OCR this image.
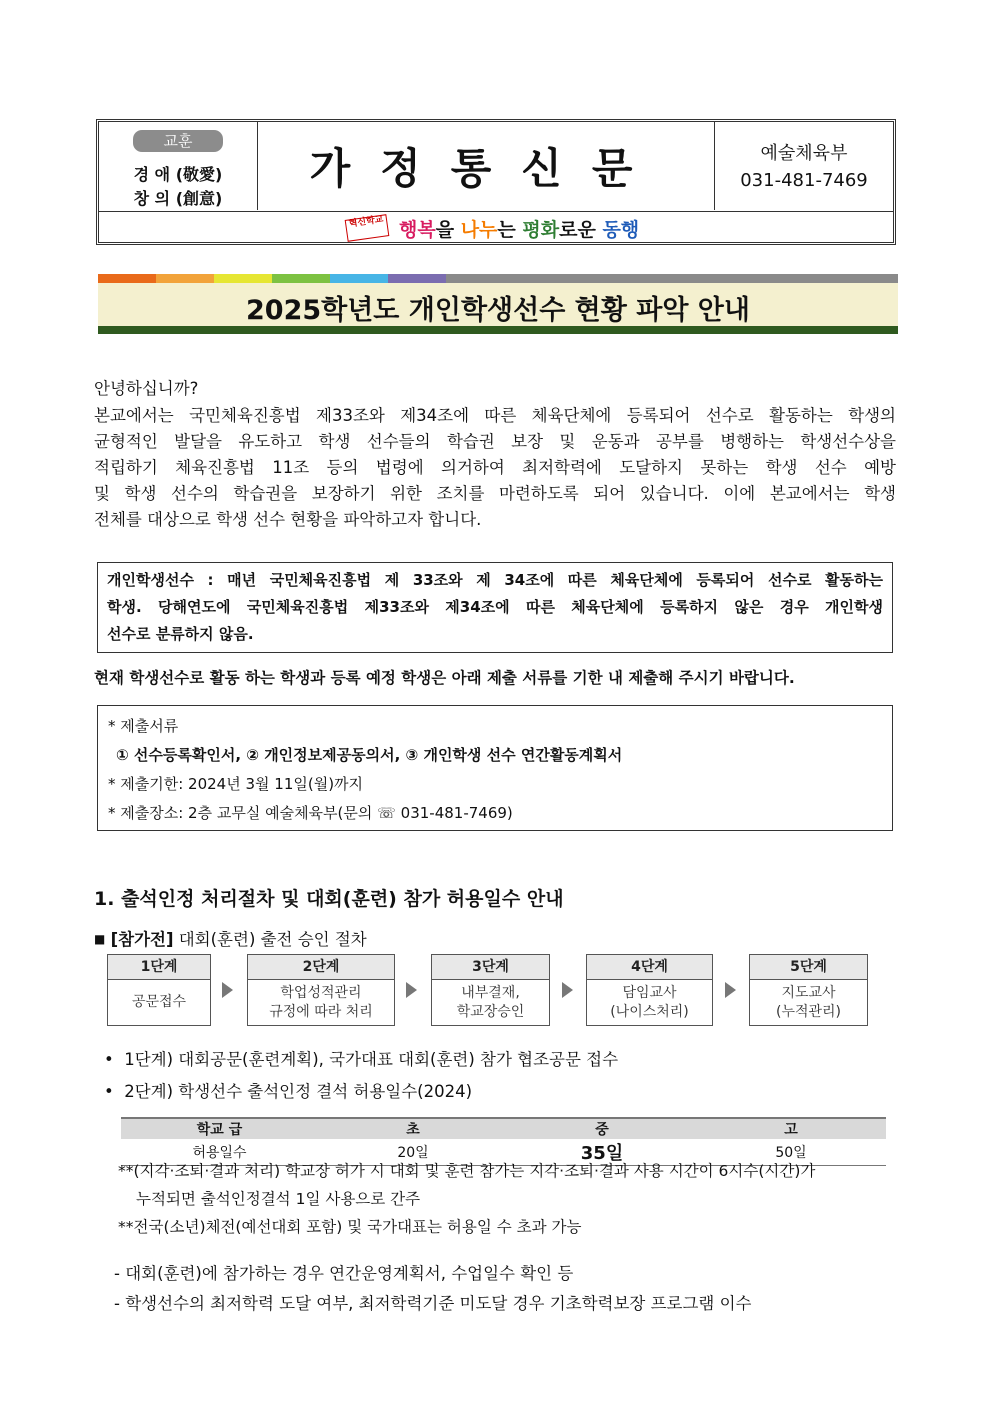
교훈
경 애 (敬愛)
창 의 (創意)
가정통신문	예술체육부
031-481-7469
혁신학교 행복을 나누는 평화로운 동행
2025학년도 개인학생선수 현황 파악 안내
안녕하십니까?
본교에서는 국민체육진흥법 제33조와 제34조에 따른 체육단체에 등록되어 선수로 활동하는 학생의
균형적인 발달을 유도하고 학생 선수들의 학습권 보장 및 운동과 공부를 병행하는 학생선수상을
적립하기 체육진흥법 11조 등의 법령에 의거하여 최저학력에 도달하지 못하는 학생 선수 예방
및 학생 선수의 학습권을 보장하기 위한 조치를 마련하도록 되어 있습니다. 이에 본교에서는 학생
전체를 대상으로 학생 선수 현황을 파악하고자 합니다.
개인학생선수 : 매년 국민체육진흥법 제 33조와 제 34조에 따른 체육단체에 등록되어 선수로 활동하는
학생. 당해연도에 국민체육진흥법 제33조와 제34조에 따른 체육단체에 등록하지 않은 경우 개인학생
선수로 분류하지 않음.
현재 학생선수로 활동 하는 학생과 등록 예정 학생은 아래 제출 서류를 기한 내 제출해 주시기 바랍니다.
* 제출서류
① 선수등록확인서, ② 개인정보제공동의서, ③ 개인학생 선수 연간활동계획서
* 제출기한: 2024년 3월 11일(월)까지
* 제출장소: 2층 교무실 예술체육부(문의 ☏ 031-481-7469)
1. 출석인정 처리절차 및 대회(훈련) 참가 허용일수 안내
■ [참가전] 대회(훈련) 출전 승인 절차
1단계
공문접수
2단계
학업성적관리
규정에 따라 처리
3단계
내부결재,
학교장승인
4단계
담임교사
(나이스처리)
5단계
지도교사
(누적관리)
• 1단계) 대회공문(훈련계획), 국가대표 대회(훈련) 참가 협조공문 접수
• 2단계) 학생선수 출석인정 결석 허용일수(2024)
학교 급	초	중	고
허용일수	20일	35일	50일
**(지각·조퇴·결과 처리) 학교장 허가 시 대회 및 훈련 참가는 지각·조퇴·결과 사용 시간이 6시수(시간)가
누적되면 출석인정결석 1일 사용으로 간주
**전국(소년)체전(예선대회 포함) 및 국가대표는 허용일 수 초과 가능
- 대회(훈련)에 참가하는 경우 연간운영계획서, 수업일수 확인 등
- 학생선수의 최저학력 도달 여부, 최저학력기준 미도달 경우 기초학력보장 프로그램 이수
